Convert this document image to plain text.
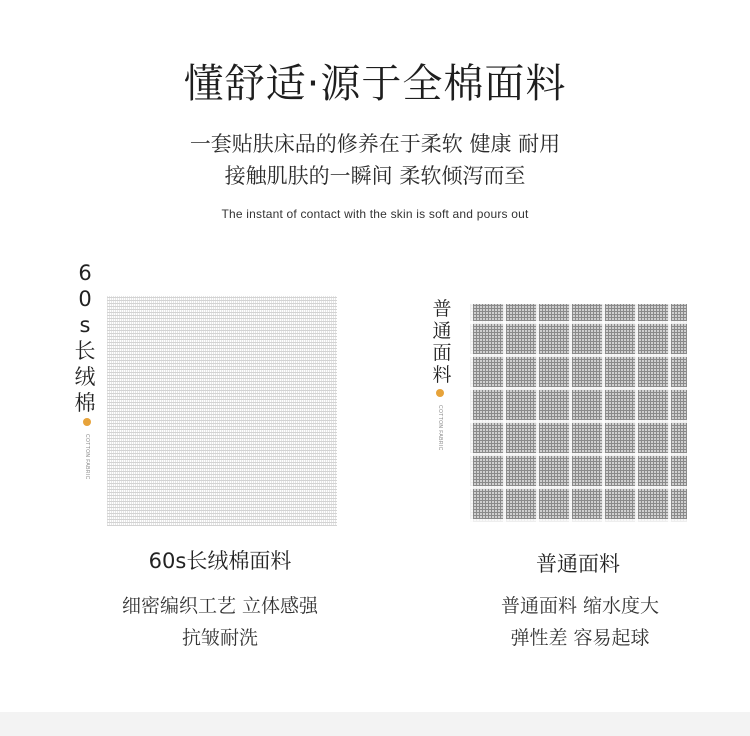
懂舒适·源于全棉面料
一套贴肤床品的修养在于柔软 健康 耐用
接触肌肤的一瞬间 柔软倾泻而至
The instant of contact with the skin is soft and pours out
6
0
s
长
绒
棉
COTTON FABRIC
60s长绒棉面料
细密编织工艺 立体感强
抗皱耐洗
普
通
面
料
COTTON FABRIC
普通面料
普通面料 缩水度大
弹性差 容易起球
